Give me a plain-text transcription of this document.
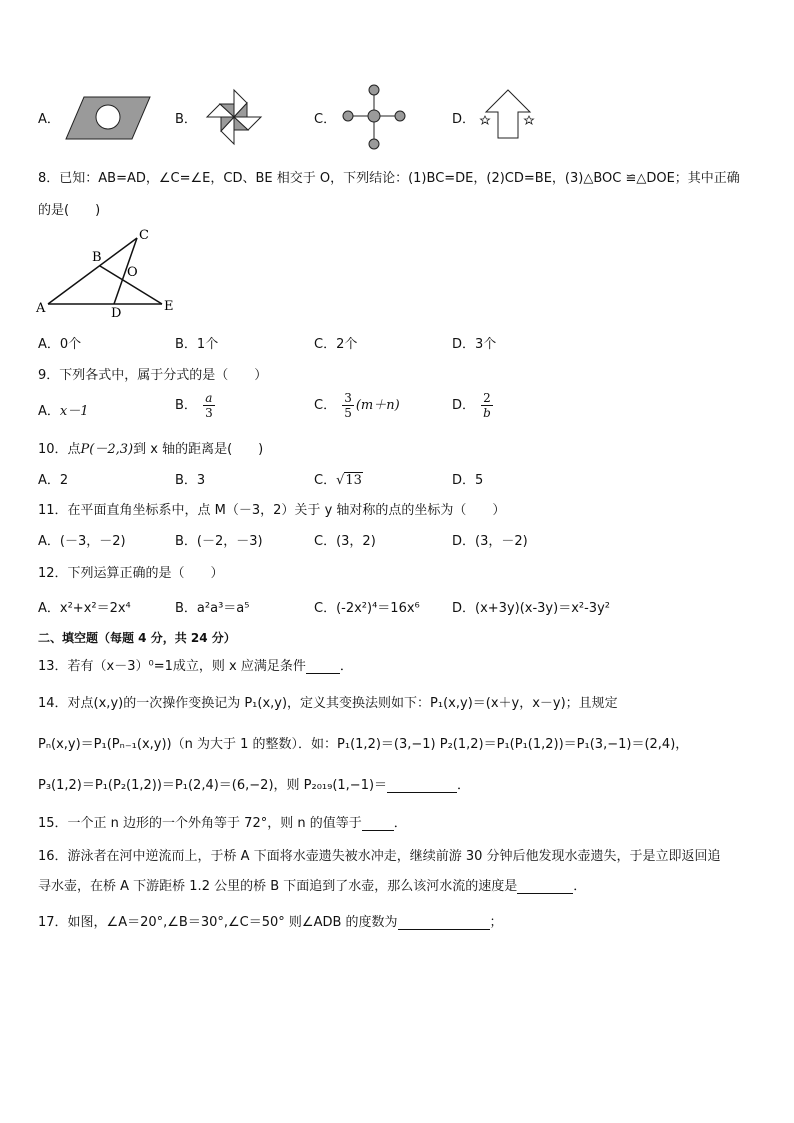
A．	B．	C．	D．
8．已知：AB=AD，∠C=∠E，CD、BE 相交于 O，下列结论：(1)BC=DE，(2)CD=BE，(3)△BOC ≌△DOE；其中正确
的是(　　)
A
B
C
D	E
O
A．0个	B．1个	C．2个	D．3个
9．下列各式中，属于分式的是（　　）
A．x－1	B． $\frac{a}{3}$	C． $\frac{3}{5} (m+n)$	D． $\frac{2}{b}$
10．点P(－2,3)到 x 轴的距离是(　　)
A．2	B．3	C．√13	D．5
11．在平面直角坐标系中，点 M（－3，2）关于 y 轴对称的点的坐标为（　　）
A．(－3，－2)	B．(－2，－3)	C．(3，2)	D．(3，－2)
12．下列运算正确的是（　　）
A．x²+x²＝2x⁴	B．a²a³＝a⁵	C．(-2x²)⁴＝16x⁶ D．(x+3y)(x-3y)＝x²-3y²
二、填空题（每题 4 分，共 24 分）
13．若有（x－3）⁰=1成立，则 x 应满足条件	．
14．对点(x,y)的一次操作变换记为 P₁(x,y)，定义其变换法则如下：P₁(x,y)＝(x＋y，x－y)；且规定
Pₙ(x,y)＝P₁(Pₙ₋₁(x,y))（n 为大于 1 的整数）．如：P₁(1,2)＝(3,−1) P₂(1,2)＝P₁(P₁(1,2))＝P₁(3,−1)＝(2,4)，
P₃(1,2)＝P₁(P₂(1,2))＝P₁(2,4)＝(6,−2)，则 P₂₀₁₉(1,−1)＝	．
15．一个正 n 边形的一个外角等于 72°，则 n 的值等于 ．
16．游泳者在河中逆流而上，于桥 A 下面将水壶遗失被水冲走，继续前游 30 分钟后他发现水壶遗失，于是立即返回追
寻水壶，在桥 A 下游距桥 1.2 公里的桥 B 下面追到了水壶，那么该河水流的速度是	．
17．如图，∠A＝20°,∠B＝30°,∠C＝50° 则∠ADB 的度数为	；
